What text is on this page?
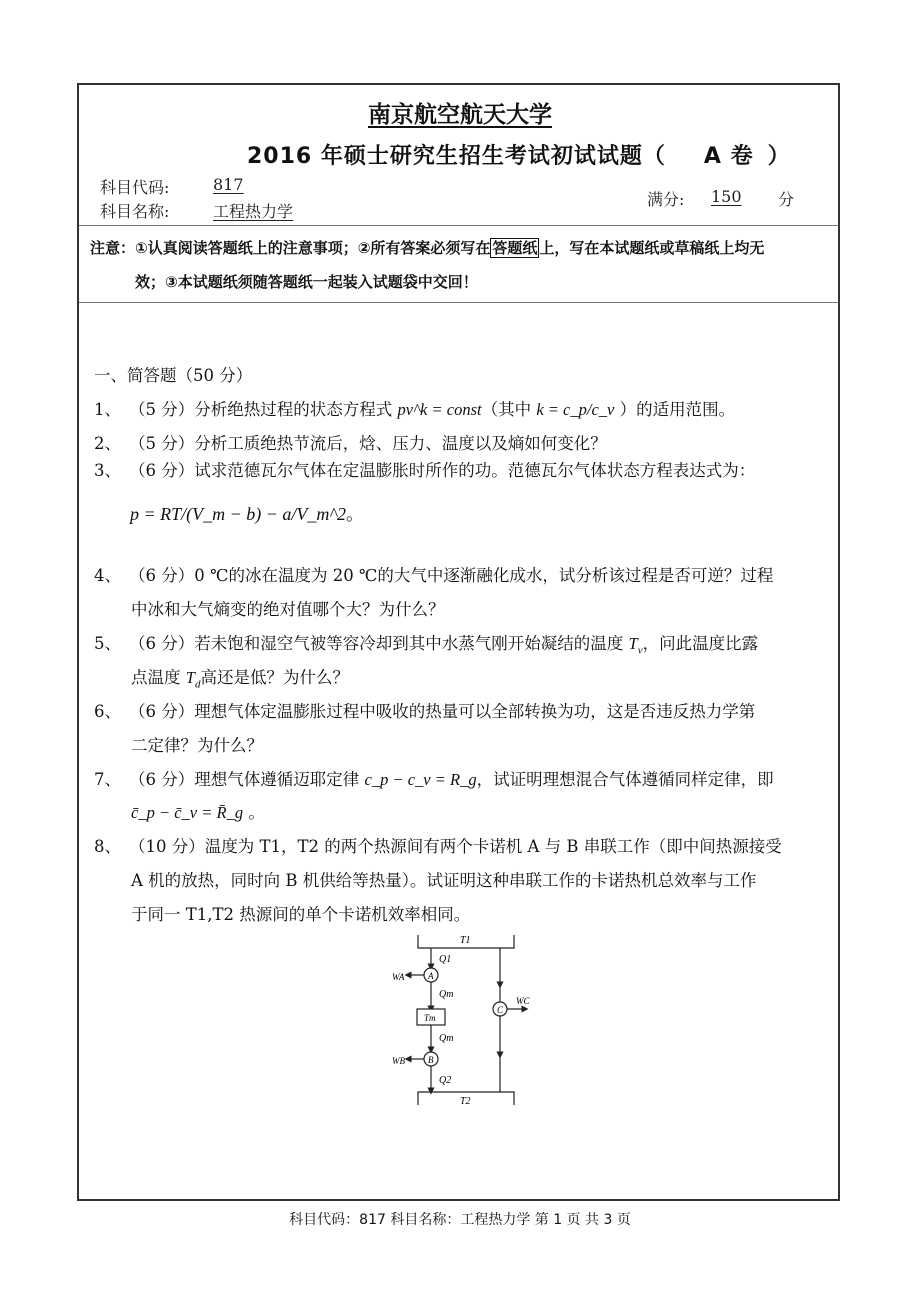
南京航空航天大学
2016 年硕士研究生招生考试初试试题（ A 卷 ）
科目代码:	817
科目名称:	工程热力学
满分: 150 分
注意：①认真阅读答题纸上的注意事项；②所有答案必须写在 答题纸 上，写在本试题纸或草稿纸上均无
效；③本试题纸须随答题纸一起装入试题袋中交回！
一、简答题（50 分）
1、 （5 分）分析绝热过程的状态方程式 pv^k = const（其中 k = c_p/c_v ）的适用范围。
2、 （5 分）分析工质绝热节流后，焓、压力、温度以及熵如何变化？
3、 （6 分）试求范德瓦尔气体在定温膨胀时所作的功。范德瓦尔气体状态方程表达式为：
p = RT/(V_m − b) − a/V_m^2。
4、 （6 分）0 ℃的冰在温度为 20 ℃的大气中逐渐融化成水，试分析该过程是否可逆？过程
中冰和大气熵变的绝对值哪个大？为什么？
5、 （6 分）若未饱和湿空气被等容冷却到其中水蒸气刚开始凝结的温度 $T_v$，问此温度比露
点温度 $T_d$高还是低？为什么？
6、 （6 分）理想气体定温膨胀过程中吸收的热量可以全部转换为功，这是否违反热力学第
二定律？为什么？
7、 （6 分）理想气体遵循迈耶定律 c_p − c_v = R_g，试证明理想混合气体遵循同样定律，即
c̄_p − c̄_v = R̄_g 。
8、 （10 分）温度为 T1，T2 的两个热源间有两个卡诺机 A 与 B 串联工作（即中间热源接受
A 机的放热，同时向 B 机供给等热量）。试证明这种串联工作的卡诺热机总效率与工作
于同一 T1,T2 热源间的单个卡诺机效率相同。
T1
T2
Q1
A
WA
Qm
Tm
Qm
B
WB
Q2
C
WC
科目代码：817 科目名称：工程热力学 第 1 页 共 3 页
